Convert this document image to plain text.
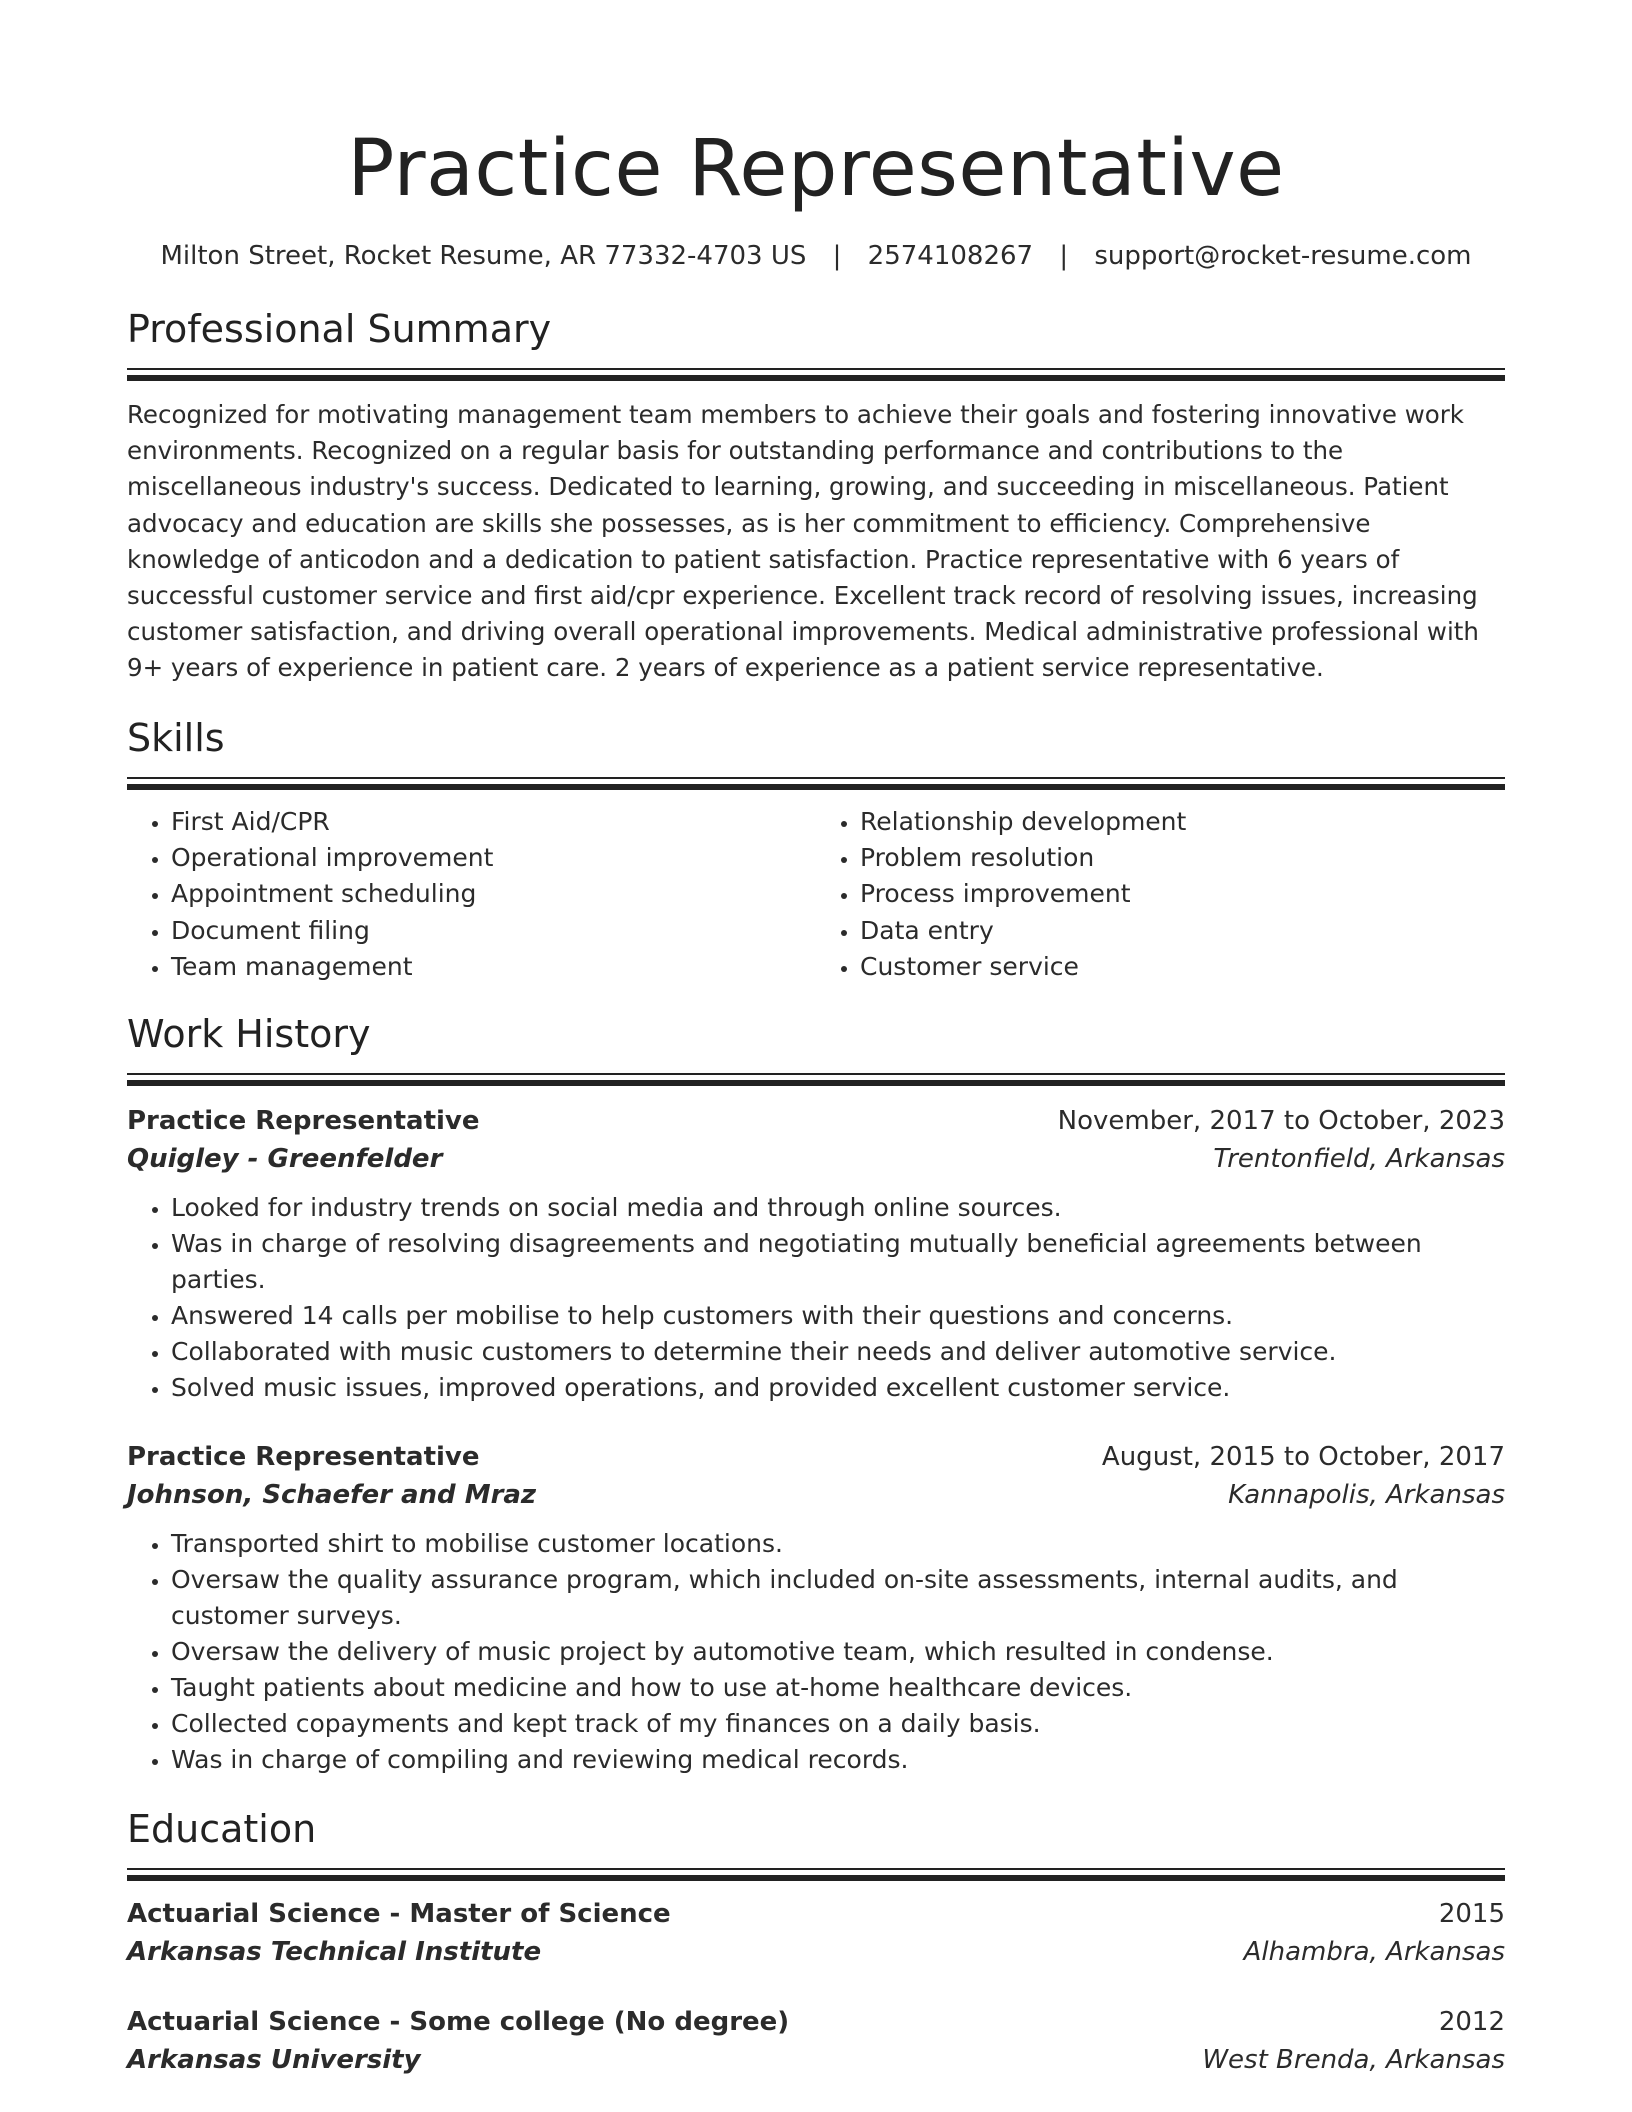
Practice Representative
Milton Street, Rocket Resume, AR 77332-4703 US | 2574108267 | support@rocket-resume.com
Professional Summary
Recognized for motivating management team members to achieve their goals and fostering innovative work environments. Recognized on a regular basis for outstanding performance and contributions to the miscellaneous industry's success. Dedicated to learning, growing, and succeeding in miscellaneous. Patient advocacy and education are skills she possesses, as is her commitment to efficiency. Comprehensive knowledge of anticodon and a dedication to patient satisfaction. Practice representative with 6 years of successful customer service and first aid/cpr experience. Excellent track record of resolving issues, increasing customer satisfaction, and driving overall operational improvements. Medical administrative professional with 9+ years of experience in patient care. 2 years of experience as a patient service representative.
Skills
• First Aid/CPR
• Operational improvement
• Appointment scheduling
• Document filing
• Team management
• Relationship development
• Problem resolution
• Process improvement
• Data entry
• Customer service
Work History
Practice Representative	November, 2017 to October, 2023
Quigley - Greenfelder	Trentonfield, Arkansas
• Looked for industry trends on social media and through online sources.
• Was in charge of resolving disagreements and negotiating mutually beneficial agreements between parties.
• Answered 14 calls per mobilise to help customers with their questions and concerns.
• Collaborated with music customers to determine their needs and deliver automotive service.
• Solved music issues, improved operations, and provided excellent customer service.
Practice Representative	August, 2015 to October, 2017
Johnson, Schaefer and Mraz	Kannapolis, Arkansas
• Transported shirt to mobilise customer locations.
• Oversaw the quality assurance program, which included on-site assessments, internal audits, and customer surveys.
• Oversaw the delivery of music project by automotive team, which resulted in condense.
• Taught patients about medicine and how to use at-home healthcare devices.
• Collected copayments and kept track of my finances on a daily basis.
• Was in charge of compiling and reviewing medical records.
Education
Actuarial Science - Master of Science	2015
Arkansas Technical Institute	Alhambra, Arkansas
Actuarial Science - Some college (No degree)	2012
Arkansas University	West Brenda, Arkansas
